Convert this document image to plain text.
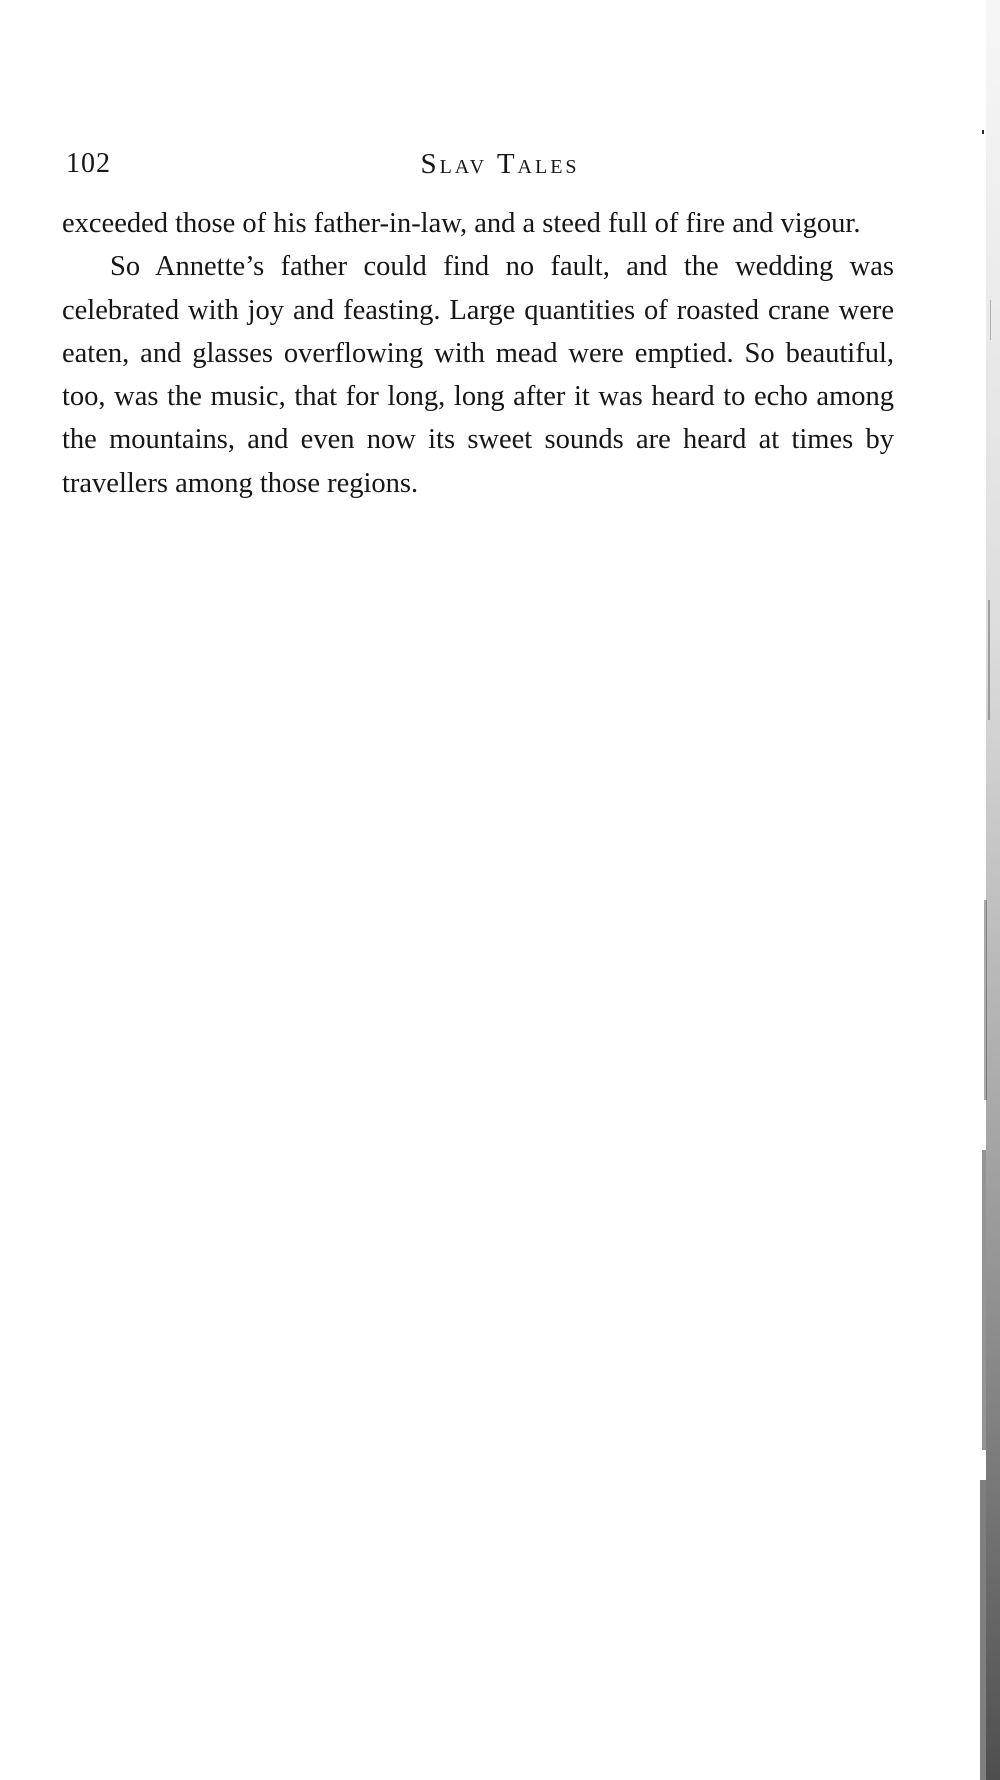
102	Slav Tales

exceeded those of his father-in-law, and a steed full of fire and vigour.

So Annette’s father could find no fault, and the wedding was celebrated with joy and feasting. Large quantities of roasted crane were eaten, and glasses overflowing with mead were emptied. So beautiful, too, was the music, that for long, long after it was heard to echo among the mountains, and even now its sweet sounds are heard at times by travellers among those regions.
